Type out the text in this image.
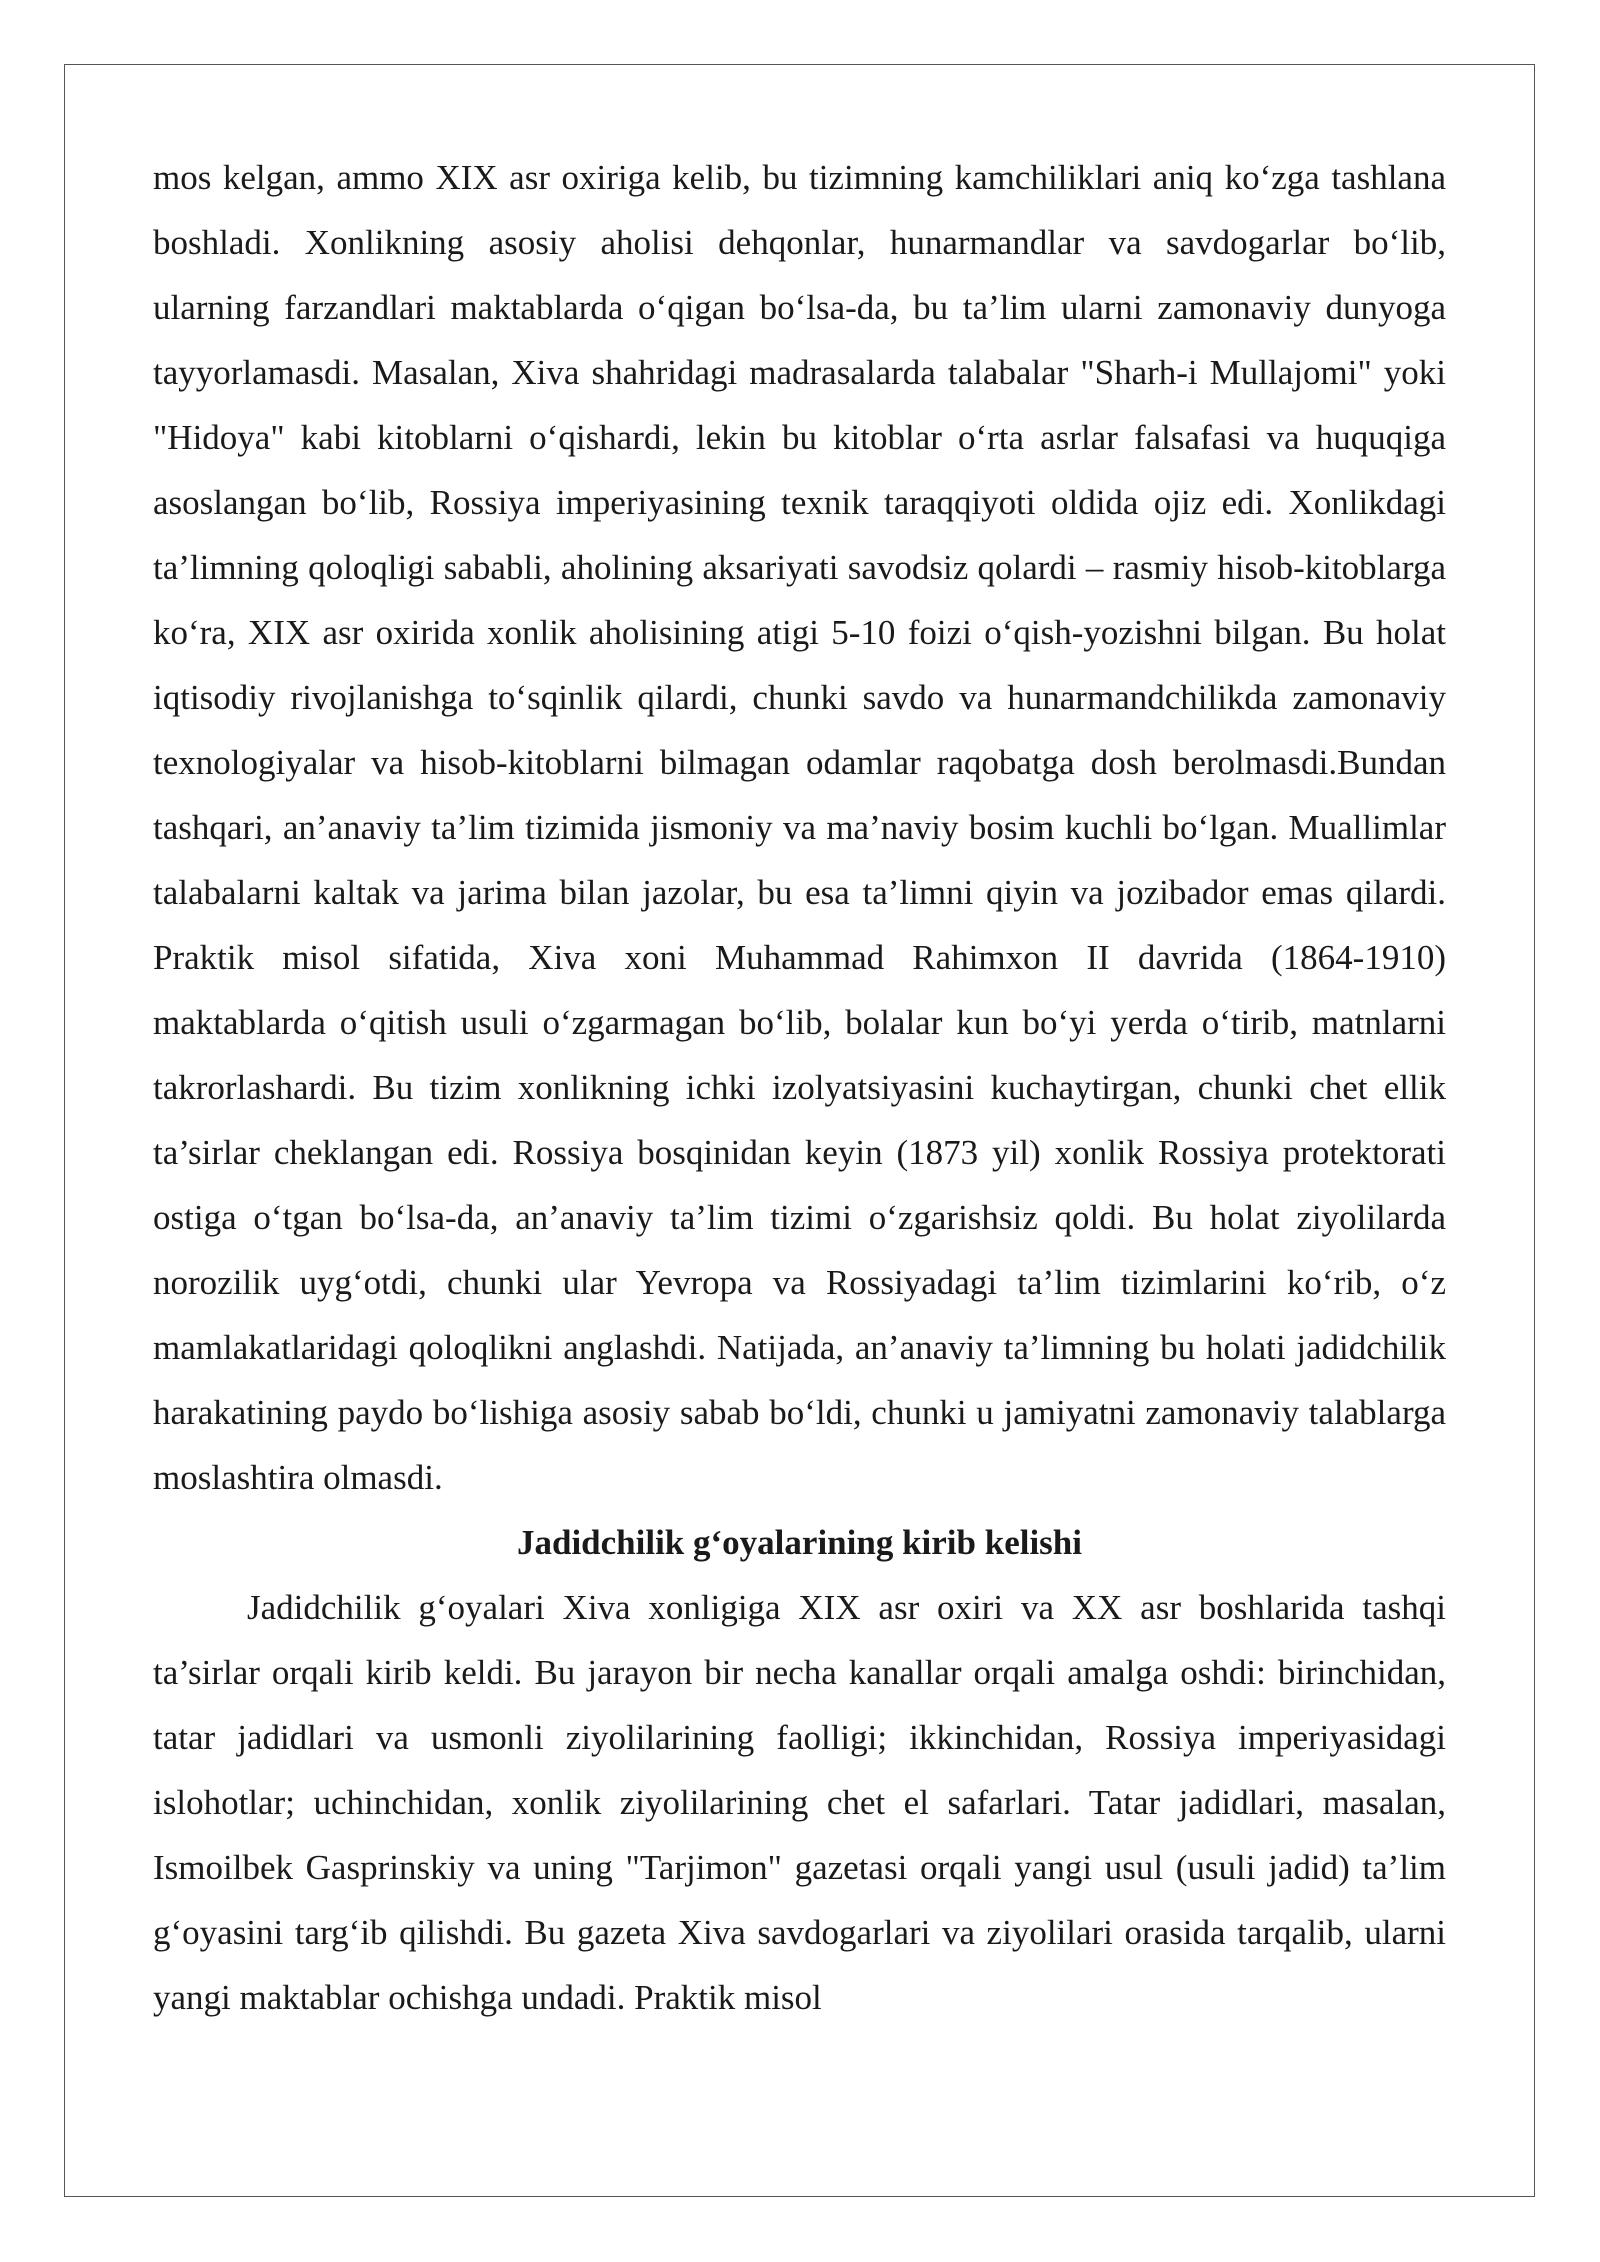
mos kelgan, ammo XIX asr oxiriga kelib, bu tizimning kamchiliklari aniq ko‘zga tashlana boshladi. Xonlikning asosiy aholisi dehqonlar, hunarmandlar va savdogarlar bo‘lib, ularning farzandlari maktablarda o‘qigan bo‘lsa-da, bu ta’lim ularni zamonaviy dunyoga tayyorlamasdi. Masalan, Xiva shahridagi madrasalarda talabalar "Sharh-i Mullajomi" yoki "Hidoya" kabi kitoblarni o‘qishardi, lekin bu kitoblar o‘rta asrlar falsafasi va huquqiga asoslangan bo‘lib, Rossiya imperiyasining texnik taraqqiyoti oldida ojiz edi. Xonlikdagi ta’limning qoloqligi sababli, aholining aksariyati savodsiz qolardi – rasmiy hisob-kitoblarga ko‘ra, XIX asr oxirida xonlik aholisining atigi 5-10 foizi o‘qish-yozishni bilgan. Bu holat iqtisodiy rivojlanishga to‘sqinlik qilardi, chunki savdo va hunarmandchilikda zamonaviy texnologiyalar va hisob-kitoblarni bilmagan odamlar raqobatga dosh berolmasdi.Bundan tashqari, an’anaviy ta’lim tizimida jismoniy va ma’naviy bosim kuchli bo‘lgan. Muallimlar talabalarni kaltak va jarima bilan jazolar, bu esa ta’limni qiyin va jozibador emas qilardi. Praktik misol sifatida, Xiva xoni Muhammad Rahimxon II davrida (1864-1910) maktablarda o‘qitish usuli o‘zgarmagan bo‘lib, bolalar kun bo‘yi yerda o‘tirib, matnlarni takrorlashardi. Bu tizim xonlikning ichki izolyatsiyasini kuchaytirgan, chunki chet ellik ta’sirlar cheklangan edi. Rossiya bosqinidan keyin (1873 yil) xonlik Rossiya protektorati ostiga o‘tgan bo‘lsa-da, an’anaviy ta’lim tizimi o‘zgarishsiz qoldi. Bu holat ziyolilarda norozilik uyg‘otdi, chunki ular Yevropa va Rossiyadagi ta’lim tizimlarini ko‘rib, o‘z mamlakatlaridagi qoloqlikni anglashdi. Natijada, an’anaviy ta’limning bu holati jadidchilik harakatining paydo bo‘lishiga asosiy sabab bo‘ldi, chunki u jamiyatni zamonaviy talablarga moslashtira olmasdi.

Jadidchilik g‘oyalarining kirib kelishi

Jadidchilik g‘oyalari Xiva xonligiga XIX asr oxiri va XX asr boshlarida tashqi ta’sirlar orqali kirib keldi. Bu jarayon bir necha kanallar orqali amalga oshdi: birinchidan, tatar jadidlari va usmonli ziyolilarining faolligi; ikkinchidan, Rossiya imperiyasidagi islohotlar; uchinchidan, xonlik ziyolilarining chet el safarlari. Tatar jadidlari, masalan, Ismoilbek Gasprinskiy va uning "Tarjimon" gazetasi orqali yangi usul (usuli jadid) ta’lim g‘oyasini targ‘ib qilishdi. Bu gazeta Xiva savdogarlari va ziyolilari orasida tarqalib, ularni yangi maktablar ochishga undadi. Praktik misol
